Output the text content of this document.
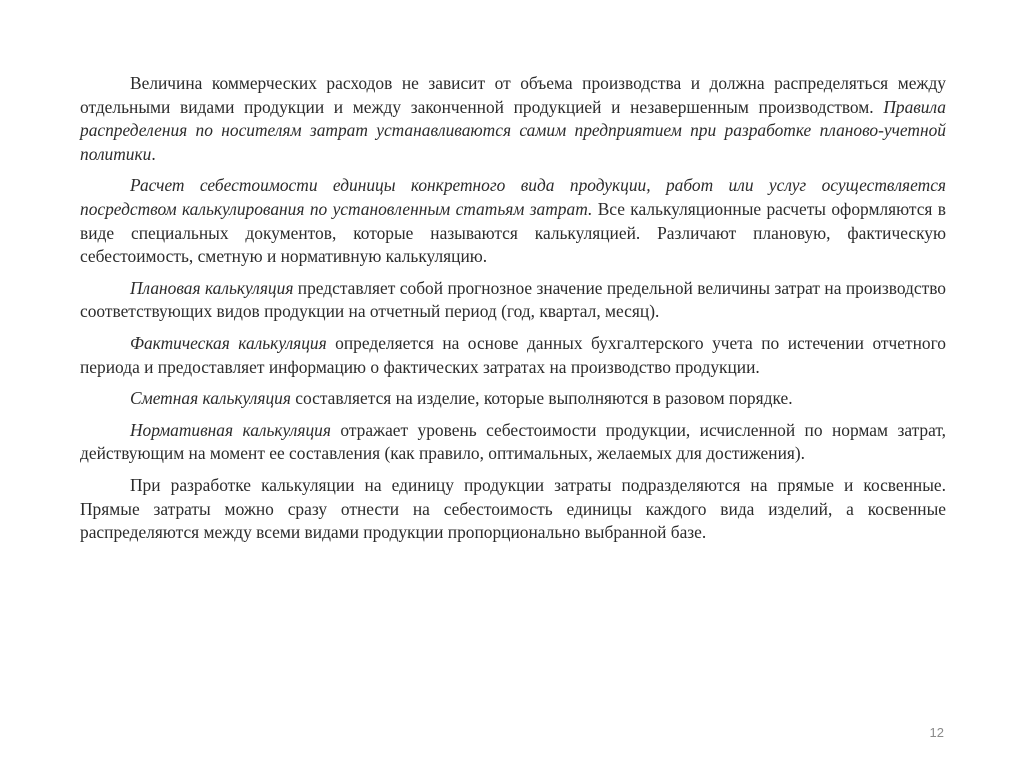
Величина коммерческих расходов не зависит от объема производства и должна распределяться между отдельными видами продукции и между законченной продукцией и незавершенным производством. Правила распределения по носителям затрат устанавливаются самим предприятием при разработке планово-учетной политики.

Расчет себестоимости единицы конкретного вида продукции, работ или услуг осуществляется посредством калькулирования по установленным статьям затрат. Все калькуляционные расчеты оформляются в виде специальных документов, которые называются калькуляцией. Различают плановую, фактическую себестоимость, сметную и нормативную калькуляцию.

Плановая калькуляция представляет собой прогнозное значение предельной величины затрат на производство соответствующих видов продукции на отчетный период (год, квартал, месяц).

Фактическая калькуляция определяется на основе данных бухгалтерского учета по истечении отчетного периода и предоставляет информацию о фактических затратах на производство продукции.

Сметная калькуляция составляется на изделие, которые выполняются в разовом порядке.

Нормативная калькуляция отражает уровень себестоимости продукции, исчисленной по нормам затрат, действующим на момент ее составления (как правило, оптимальных, желаемых для достижения).

При разработке калькуляции на единицу продукции затраты подразделяются на прямые и косвенные. Прямые затраты можно сразу отнести на себестоимость единицы каждого вида изделий, а косвенные распределяются между всеми видами продукции пропорционально выбранной базе.

12
